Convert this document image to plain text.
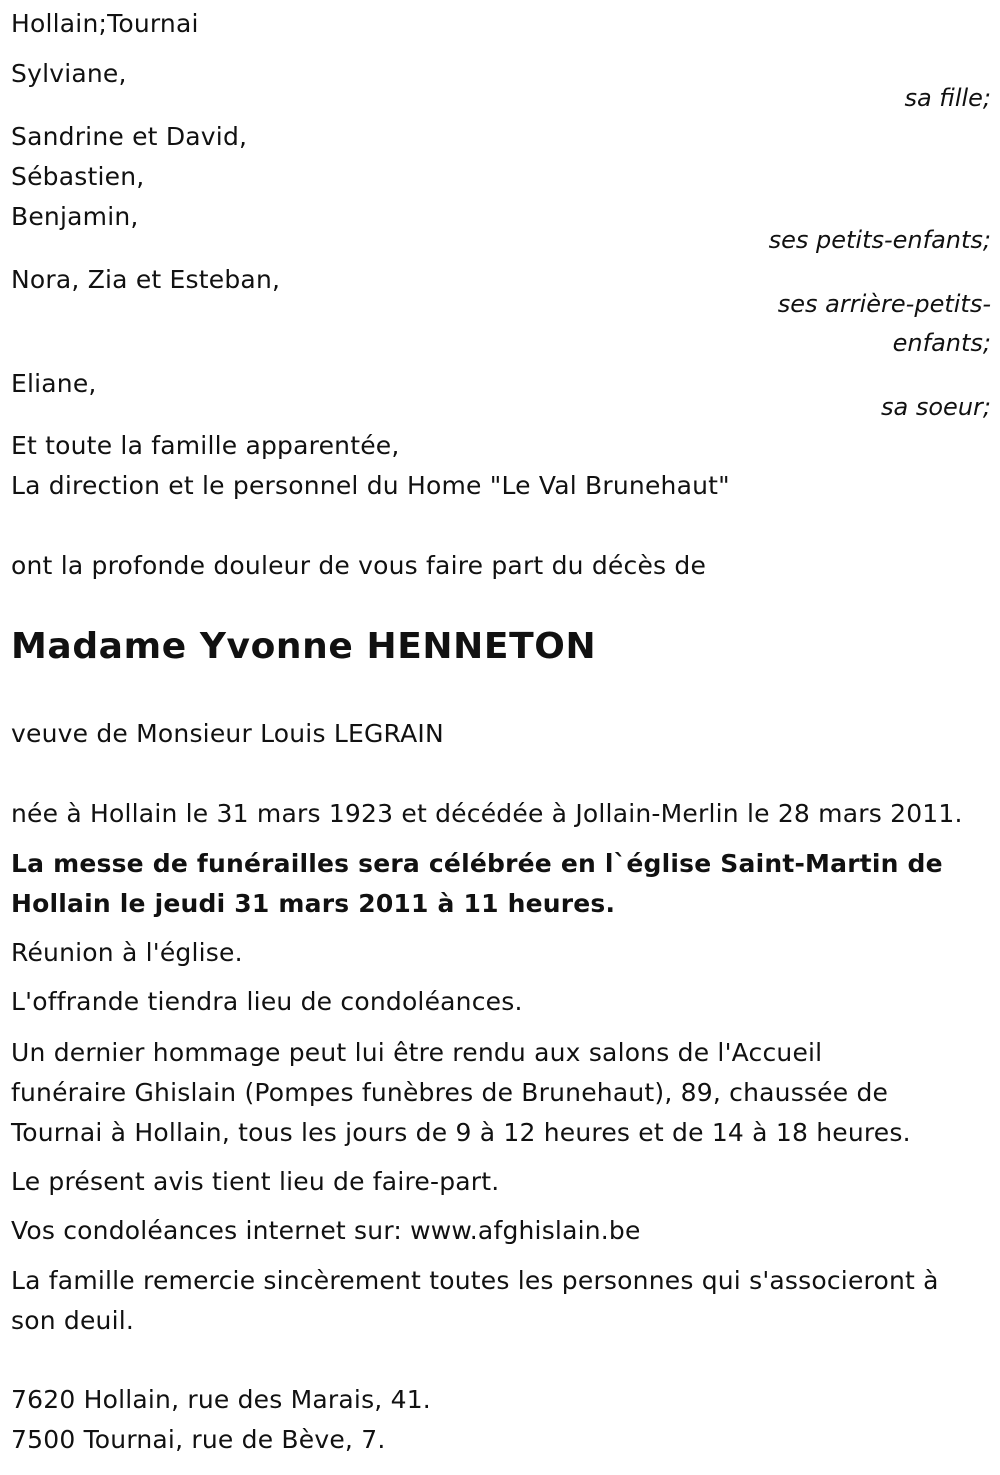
Hollain;Tournai
Sylviane,
sa fille;
Sandrine et David,
Sébastien,
Benjamin,
ses petits-enfants;
Nora, Zia et Esteban,
ses arrière-petits-
enfants;
Eliane,
sa soeur;
Et toute la famille apparentée,
La direction et le personnel du Home "Le Val Brunehaut"
ont la profonde douleur de vous faire part du décès de
Madame Yvonne HENNETON
veuve de Monsieur Louis LEGRAIN
née à Hollain le 31 mars 1923 et décédée à Jollain-Merlin le 28 mars 2011.
La messe de funérailles sera célébrée en l`église Saint-Martin de
Hollain le jeudi 31 mars 2011 à 11 heures.
Réunion à l'église.
L'offrande tiendra lieu de condoléances.
Un dernier hommage peut lui être rendu aux salons de l'Accueil
funéraire Ghislain (Pompes funèbres de Brunehaut), 89, chaussée de
Tournai à Hollain, tous les jours de 9 à 12 heures et de 14 à 18 heures.
Le présent avis tient lieu de faire-part.
Vos condoléances internet sur: www.afghislain.be
La famille remercie sincèrement toutes les personnes qui s'associeront à
son deuil.
7620 Hollain, rue des Marais, 41.
7500 Tournai, rue de Bève, 7.
